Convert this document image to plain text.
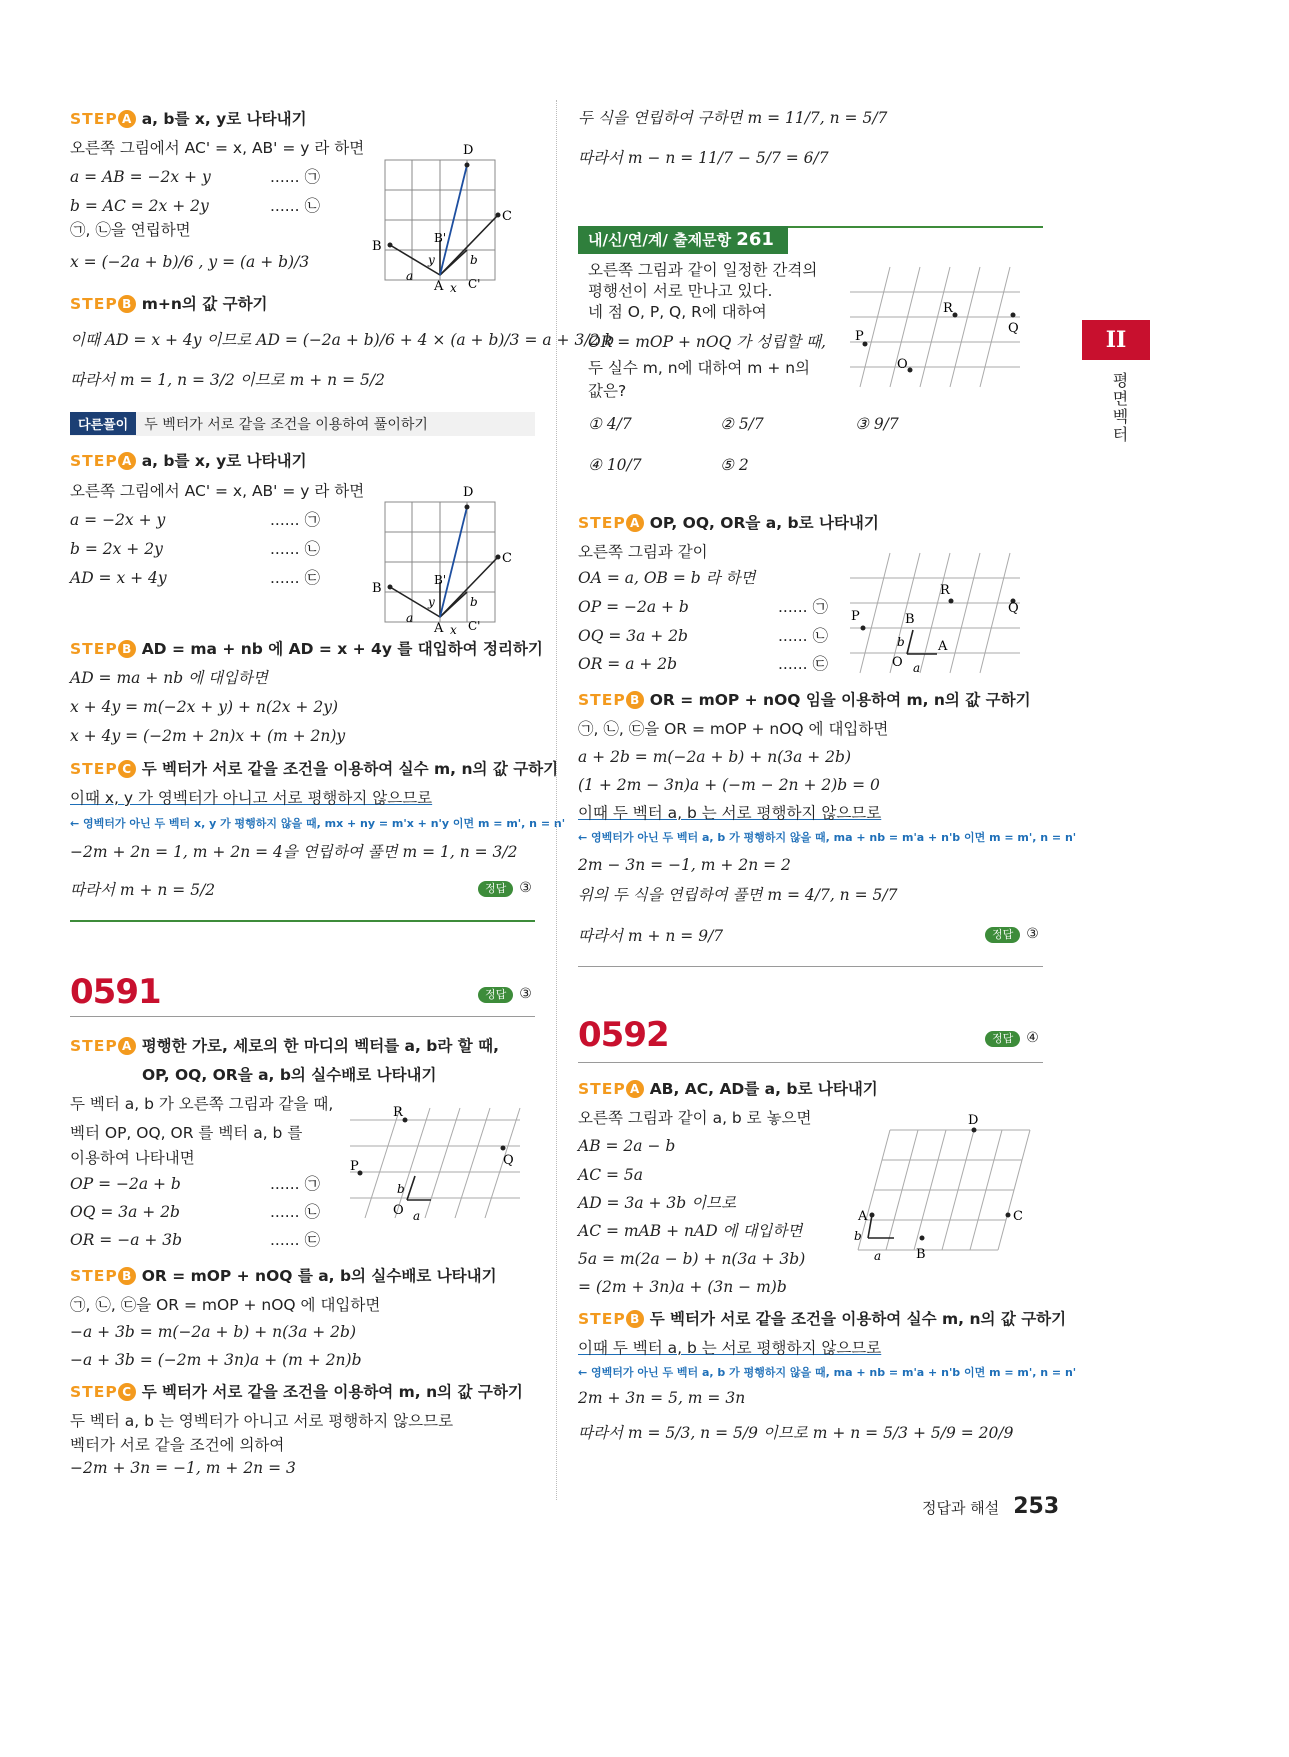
STEP A a, b를 x, y로 나타내기
오른쪽 그림에서 AC' = x, AB' = y 라 하면
a = AB = −2x + y	...... ㉠
b = AC = 2x + 2y	...... ㉡
㉠, ㉡을 연립하면
x = (−2a + b)/6 , y = (a + b)/3
D
C
B
B'
A C'
a
b
x
y
STEP B m+n의 값 구하기
이때 AD = x + 4y 이므로 AD = (−2a + b)/6 + 4 × (a + b)/3 = a + 3/2 b
따라서 m = 1, n = 3/2 이므로 m + n = 5/2
다른풀이 두 벡터가 서로 같을 조건을 이용하여 풀이하기
STEP A a, b를 x, y로 나타내기
오른쪽 그림에서 AC' = x, AB' = y 라 하면
a = −2x + y	...... ㉠
b = 2x + 2y	...... ㉡
AD = x + 4y	...... ㉢
D
C
B
B'
A C'
a
b
x
y
STEP B AD = ma + nb 에 AD = x + 4y 를 대입하여 정리하기
AD = ma + nb 에 대입하면
x + 4y = m(−2x + y) + n(2x + 2y)
x + 4y = (−2m + 2n)x + (m + 2n)y
STEP C 두 벡터가 서로 같을 조건을 이용하여 실수 m, n의 값 구하기
이때 x, y 가 영벡터가 아니고 서로 평행하지 않으므로
← 영벡터가 아닌 두 벡터 x, y 가 평행하지 않을 때, mx + ny = m'x + n'y 이면 m = m', n = n'
−2m + 2n = 1, m + 2n = 4을 연립하여 풀면 m = 1, n = 3/2
따라서 m + n = 5/2	정답 ③
0591	정답 ③
STEP A 평행한 가로, 세로의 한 마디의 벡터를 a, b라 할 때,
OP, OQ, OR을 a, b의 실수배로 나타내기
두 벡터 a, b 가 오른쪽 그림과 같을 때,
벡터 OP, OQ, OR 를 벡터 a, b 를
이용하여 나타내면
OP = −2a + b	...... ㉠
OQ = 3a + 2b	...... ㉡
OR = −a + 3b	...... ㉢
R
P	Q
O a
b
STEP B OR = mOP + nOQ 를 a, b의 실수배로 나타내기
㉠, ㉡, ㉢을 OR = mOP + nOQ 에 대입하면
−a + 3b = m(−2a + b) + n(3a + 2b)
−a + 3b = (−2m + 3n)a + (m + 2n)b
STEP C 두 벡터가 서로 같을 조건을 이용하여 m, n의 값 구하기
두 벡터 a, b 는 영벡터가 아니고 서로 평행하지 않으므로
벡터가 서로 같을 조건에 의하여
−2m + 3n = −1, m + 2n = 3
두 식을 연립하여 구하면 m = 11/7, n = 5/7
따라서 m − n = 11/7 − 5/7 = 6/7
내/신/연/계/ 출제문항 261
오른쪽 그림과 같이 일정한 간격의
평행선이 서로 만나고 있다.
네 점 O, P, Q, R에 대하여
OR = mOP + nOQ 가 성립할 때,
두 실수 m, n에 대하여 m + n의
값은?
P
R
Q
O
① 4/7	② 5/7	③ 9/7
④ 10/7	⑤ 2
STEP A OP, OQ, OR을 a, b로 나타내기
오른쪽 그림과 같이
OA = a, OB = b 라 하면
OP = −2a + b	...... ㉠
OQ = 3a + 2b	...... ㉡
OR = a + 2b	...... ㉢
P
R
Q
B
A
O a
b
STEP B OR = mOP + nOQ 임을 이용하여 m, n의 값 구하기
㉠, ㉡, ㉢을 OR = mOP + nOQ 에 대입하면
a + 2b = m(−2a + b) + n(3a + 2b)
(1 + 2m − 3n)a + (−m − 2n + 2)b = 0
이때 두 벡터 a, b 는 서로 평행하지 않으므로
← 영벡터가 아닌 두 벡터 a, b 가 평행하지 않을 때, ma + nb = m'a + n'b 이면 m = m', n = n'
2m − 3n = −1, m + 2n = 2
위의 두 식을 연립하여 풀면 m = 4/7, n = 5/7
따라서 m + n = 9/7	정답 ③
0592	정답 ④
STEP A AB, AC, AD를 a, b로 나타내기
오른쪽 그림과 같이 a, b 로 놓으면
AB = 2a − b
AC = 5a
AD = 3a + 3b 이므로
AC = mAB + nAD 에 대입하면
5a = m(2a − b) + n(3a + 3b)
= (2m + 3n)a + (3n − m)b
D
A	C
B
a
b
STEP B 두 벡터가 서로 같을 조건을 이용하여 실수 m, n의 값 구하기
이때 두 벡터 a, b 는 서로 평행하지 않으므로
← 영벡터가 아닌 두 벡터 a, b 가 평행하지 않을 때, ma + nb = m'a + n'b 이면 m = m', n = n'
2m + 3n = 5, m = 3n
따라서 m = 5/3, n = 5/9 이므로 m + n = 5/3 + 5/9 = 20/9
II
평면벡터
정답과 해설 253
